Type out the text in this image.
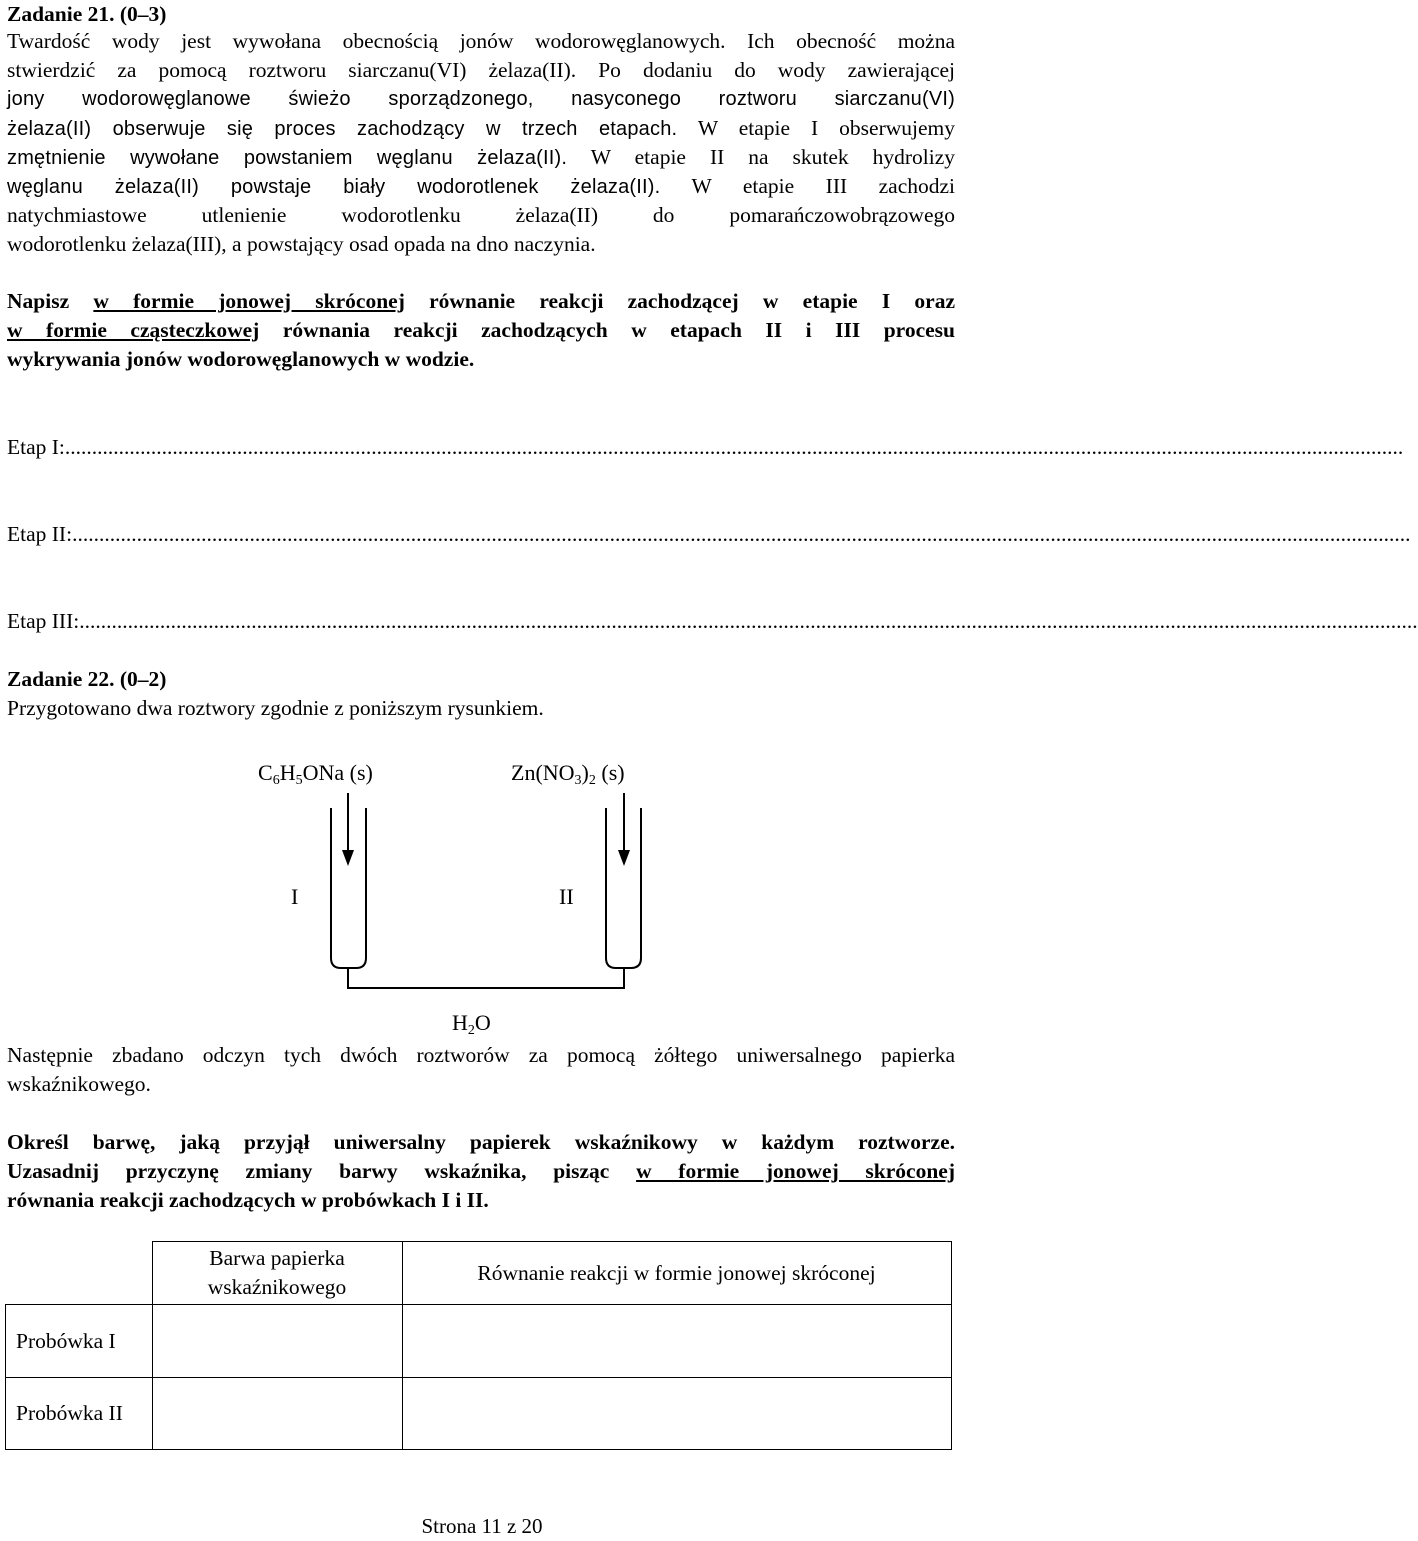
Zadanie 21. (0–3)
Twardość wody jest wywołana obecnością jonów wodorowęglanowych. Ich obecność można
stwierdzić za pomocą roztworu siarczanu(VI) żelaza(II). Po dodaniu do wody zawierającej
jony wodorowęglanowe świeżo sporządzonego, nasyconego roztworu siarczanu(VI)
żelaza(II) obserwuje się proces zachodzący w trzech etapach. W etapie I obserwujemy
zmętnienie wywołane powstaniem węglanu żelaza(II). W etapie II na skutek hydrolizy
węglanu żelaza(II) powstaje biały wodorotlenek żelaza(II). W etapie III zachodzi
natychmiastowe utlenienie wodorotlenku żelaza(II) do pomarańczowobrązowego
wodorotlenku żelaza(III), a powstający osad opada na dno naczynia.
Napisz w formie jonowej skróconej równanie reakcji zachodzącej w etapie I oraz
w formie cząsteczkowej równania reakcji zachodzących w etapach II i III procesu
wykrywania jonów wodorowęglanowych w wodzie.
Etap I:.........................................................................................................................................................................................................................................................
Etap II:.........................................................................................................................................................................................................................................................
Etap III:.........................................................................................................................................................................................................................................................
Zadanie 22. (0–2)
Przygotowano dwa roztwory zgodnie z poniższym rysunkiem.
$C_6H_5ONa$ (s)	$Zn(NO_3)_2$ (s)
I	II
$H_2O$
Następnie zbadano odczyn tych dwóch roztworów za pomocą żółtego uniwersalnego papierka
wskaźnikowego.
Określ barwę, jaką przyjął uniwersalny papierek wskaźnikowy w każdym roztworze.
Uzasadnij przyczynę zmiany barwy wskaźnika, pisząc w formie jonowej skróconej
równania reakcji zachodzących w probówkach I i II.

	Barwa papierka
wskaźnikowego	Równanie reakcji w formie jonowej skróconej
Probówka I		
Probówka II		
Strona 11 z 20
